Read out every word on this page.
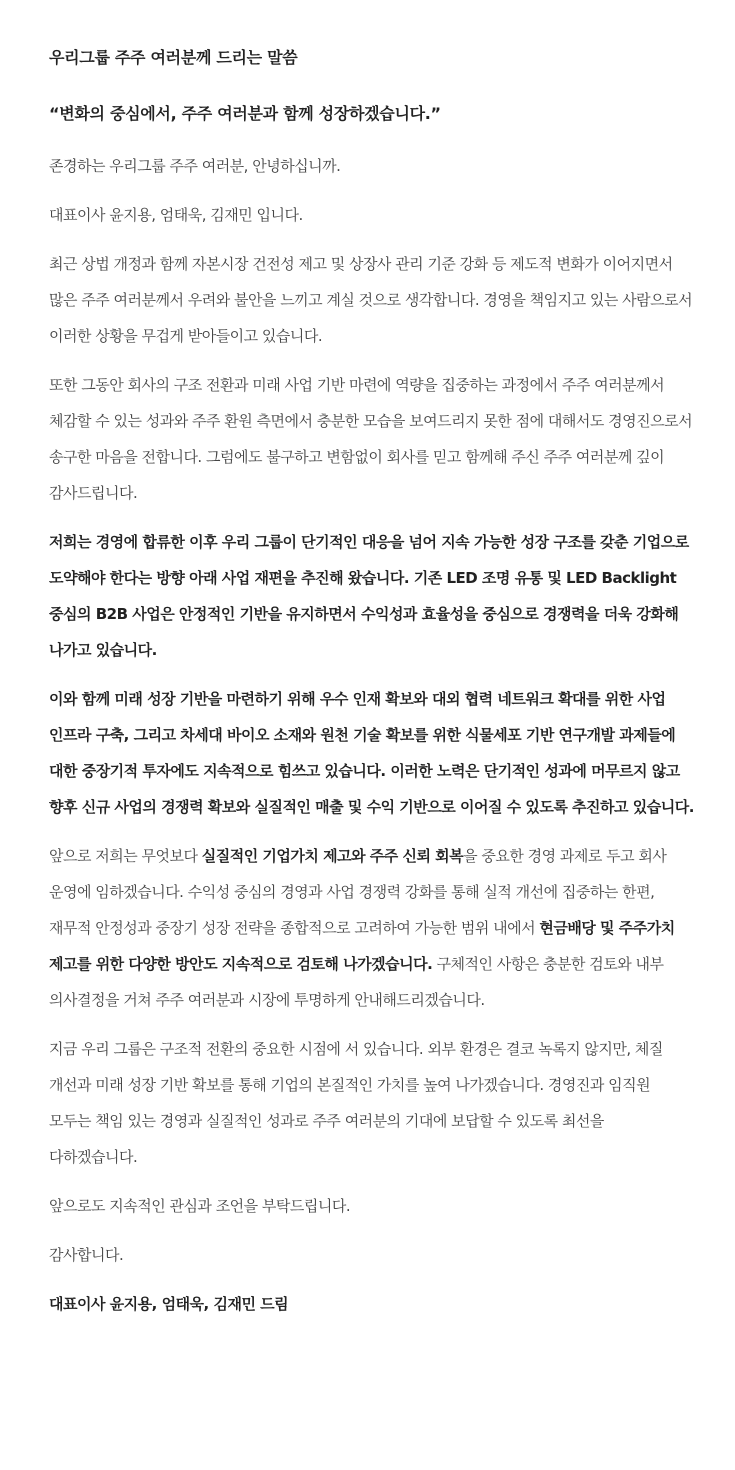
우리그룹 주주 여러분께 드리는 말씀

“변화의 중심에서, 주주 여러분과 함께 성장하겠습니다.”

존경하는 우리그룹 주주 여러분, 안녕하십니까.

대표이사 윤지용, 엄태욱, 김재민 입니다.

최근 상법 개정과 함께 자본시장 건전성 제고 및 상장사 관리 기준 강화 등 제도적 변화가 이어지면서 많은 주주 여러분께서 우려와 불안을 느끼고 계실 것으로 생각합니다. 경영을 책임지고 있는 사람으로서 이러한 상황을 무겁게 받아들이고 있습니다.

또한 그동안 회사의 구조 전환과 미래 사업 기반 마련에 역량을 집중하는 과정에서 주주 여러분께서 체감할 수 있는 성과와 주주 환원 측면에서 충분한 모습을 보여드리지 못한 점에 대해서도 경영진으로서 송구한 마음을 전합니다. 그럼에도 불구하고 변함없이 회사를 믿고 함께해 주신 주주 여러분께 깊이 감사드립니다.

저희는 경영에 합류한 이후 우리 그룹이 단기적인 대응을 넘어 지속 가능한 성장 구조를 갖춘 기업으로 도약해야 한다는 방향 아래 사업 재편을 추진해 왔습니다. 기존 LED 조명 유통 및 LED Backlight 중심의 B2B 사업은 안정적인 기반을 유지하면서 수익성과 효율성을 중심으로 경쟁력을 더욱 강화해 나가고 있습니다.

이와 함께 미래 성장 기반을 마련하기 위해 우수 인재 확보와 대외 협력 네트워크 확대를 위한 사업 인프라 구축, 그리고 차세대 바이오 소재와 원천 기술 확보를 위한 식물세포 기반 연구개발 과제들에 대한 중장기적 투자에도 지속적으로 힘쓰고 있습니다. 이러한 노력은 단기적인 성과에 머무르지 않고 향후 신규 사업의 경쟁력 확보와 실질적인 매출 및 수익 기반으로 이어질 수 있도록 추진하고 있습니다.

앞으로 저희는 무엇보다 실질적인 기업가치 제고와 주주 신뢰 회복을 중요한 경영 과제로 두고 회사 운영에 임하겠습니다. 수익성 중심의 경영과 사업 경쟁력 강화를 통해 실적 개선에 집중하는 한편, 재무적 안정성과 중장기 성장 전략을 종합적으로 고려하여 가능한 범위 내에서 현금배당 및 주주가치 제고를 위한 다양한 방안도 지속적으로 검토해 나가겠습니다. 구체적인 사항은 충분한 검토와 내부 의사결정을 거쳐 주주 여러분과 시장에 투명하게 안내해드리겠습니다.

지금 우리 그룹은 구조적 전환의 중요한 시점에 서 있습니다. 외부 환경은 결코 녹록지 않지만, 체질 개선과 미래 성장 기반 확보를 통해 기업의 본질적인 가치를 높여 나가겠습니다. 경영진과 임직원 모두는 책임 있는 경영과 실질적인 성과로 주주 여러분의 기대에 보답할 수 있도록 최선을 다하겠습니다.

앞으로도 지속적인 관심과 조언을 부탁드립니다.

감사합니다.

대표이사 윤지용, 엄태욱, 김재민 드림
